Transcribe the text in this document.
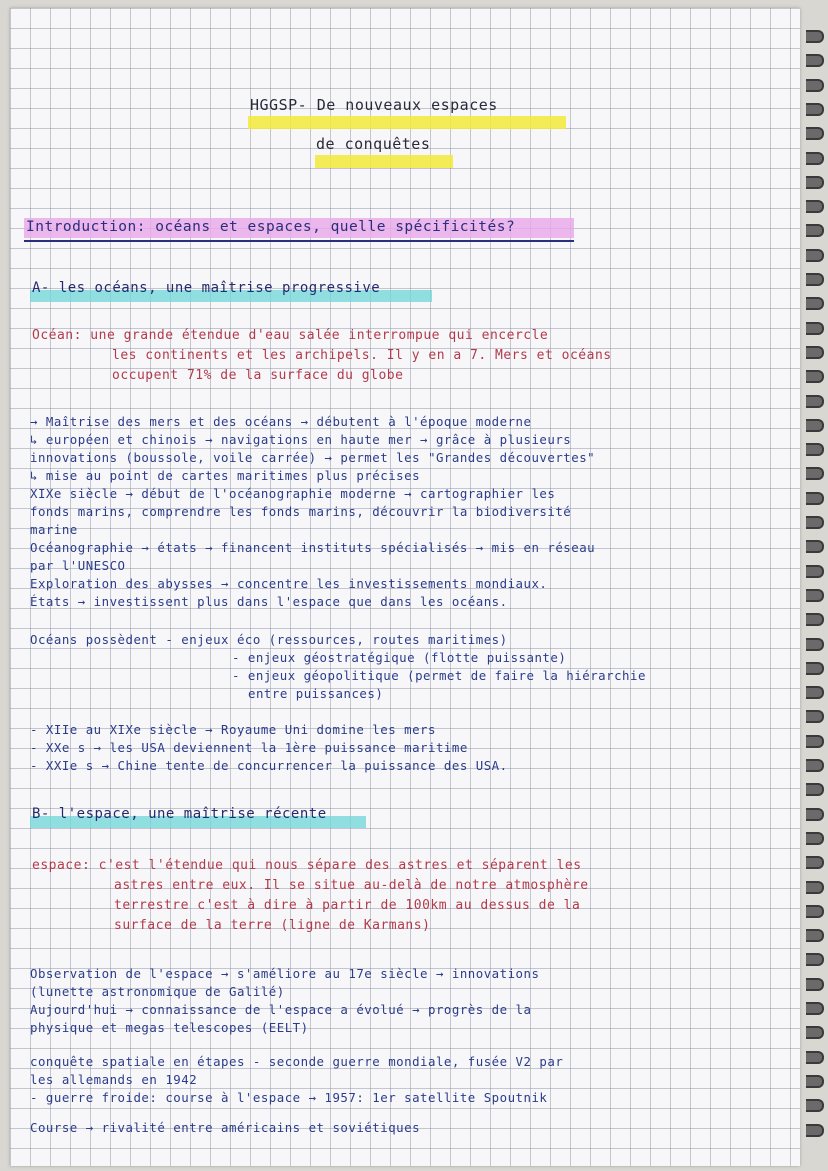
HGGSP- De nouveaux espaces
de conquêtes
Introduction: océans et espaces, quelle spécificités?
A- les océans, une maîtrise progressive
Océan: une grande étendue d'eau salée interrompue qui encercle
les continents et les archipels. Il y en a 7. Mers et océans
occupent 71% de la surface du globe
→ Maîtrise des mers et des océans → débutent à l'époque moderne
↳ européen et chinois → navigations en haute mer → grâce à plusieurs
innovations (boussole, voile carrée) → permet les "Grandes découvertes"
↳ mise au point de cartes maritimes plus précises
XIXe siècle → début de l'océanographie moderne → cartographier les
fonds marins, comprendre les fonds marins, découvrir la biodiversité
marine
Océanographie → états → financent instituts spécialisés → mis en réseau
par l'UNESCO
Exploration des abysses → concentre les investissements mondiaux.
États → investissent plus dans l'espace que dans les océans.
Océans possèdent - enjeux éco (ressources, routes maritimes)
- enjeux géostratégique (flotte puissante)
- enjeux géopolitique (permet de faire la hiérarchie
entre puissances)
- XIIe au XIXe siècle → Royaume Uni domine les mers
- XXe s → les USA deviennent la 1ère puissance maritime
- XXIe s → Chine tente de concurrencer la puissance des USA.
B- l'espace, une maîtrise récente
espace: c'est l'étendue qui nous sépare des astres et séparent les
astres entre eux. Il se situe au-delà de notre atmosphère
terrestre c'est à dire à partir de 100km au dessus de la
surface de la terre (ligne de Karmans)
Observation de l'espace → s'améliore au 17e siècle → innovations
(lunette astronomique de Galilé)
Aujourd'hui → connaissance de l'espace a évolué → progrès de la
physique et megas telescopes (EELT)
conquête spatiale en étapes - seconde guerre mondiale, fusée V2 par
les allemands en 1942
- guerre froide: course à l'espace → 1957: 1er satellite Spoutnik
Course → rivalité entre américains et soviétiques
